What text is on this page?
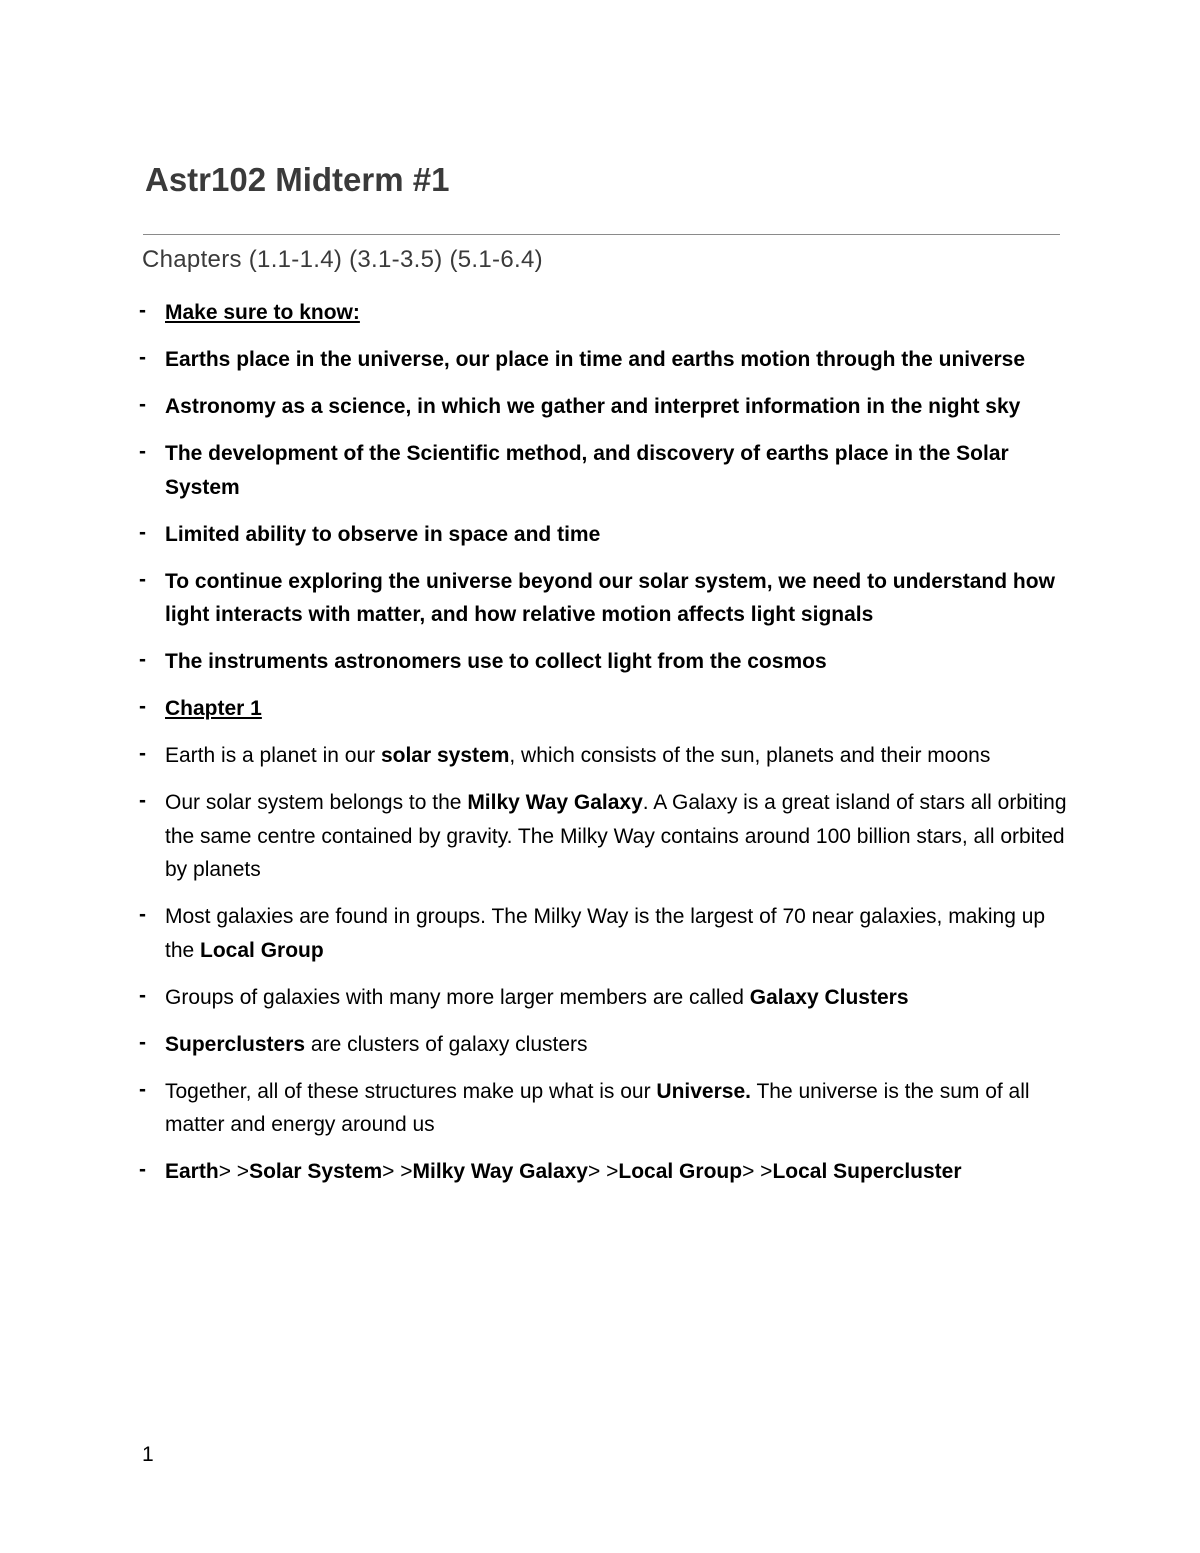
Astr102 Midterm #1

Chapters (1.1-1.4) (3.1-3.5) (5.1-6.4)

- Make sure to know:
- Earths place in the universe, our place in time and earths motion through the universe
- Astronomy as a science, in which we gather and interpret information in the night sky
- The development of the Scientific method, and discovery of earths place in the Solar System
- Limited ability to observe in space and time
- To continue exploring the universe beyond our solar system, we need to understand how light interacts with matter, and how relative motion affects light signals
- The instruments astronomers use to collect light from the cosmos
- Chapter 1
- Earth is a planet in our solar system, which consists of the sun, planets and their moons
- Our solar system belongs to the Milky Way Galaxy. A Galaxy is a great island of stars all orbiting the same centre contained by gravity. The Milky Way contains around 100 billion stars, all orbited by planets
- Most galaxies are found in groups. The Milky Way is the largest of 70 near galaxies, making up the Local Group
- Groups of galaxies with many more larger members are called Galaxy Clusters
- Superclusters are clusters of galaxy clusters
- Together, all of these structures make up what is our Universe. The universe is the sum of all matter and energy around us
- Earth> >Solar System> >Milky Way Galaxy> >Local Group> >Local Supercluster
1
